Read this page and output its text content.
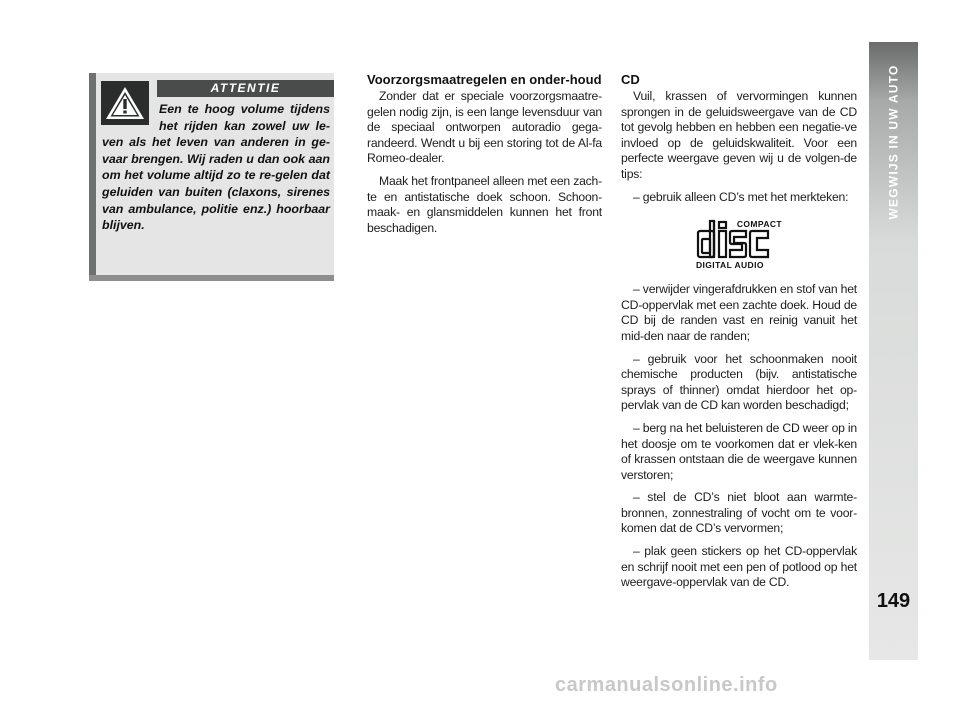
WEGWIJS IN UW AUTO
149
ATTENTIE
Een te hoog volume tijdens het rijden kan zowel uw le-ven als het leven van anderen in ge-vaar brengen. Wij raden u dan ook aan om het volume altijd zo te re-gelen dat geluiden van buiten (claxons, sirenes van ambulance, politie enz.) hoorbaar blijven.
Voorzorgsmaatregelen en onder-houd

Zonder dat er speciale voorzorgsmaatre-gelen nodig zijn, is een lange levensduur van de speciaal ontworpen autoradio gega-randeerd. Wendt u bij een storing tot de Al-fa Romeo-dealer.

Maak het frontpaneel alleen met een zach-te en antistatische doek schoon. Schoon-maak- en glansmiddelen kunnen het front beschadigen.

CD

Vuil, krassen of vervormingen kunnen sprongen in de geluidsweergave van de CD tot gevolg hebben en hebben een negatie-ve invloed op de geluidskwaliteit. Voor een perfecte weergave geven wij u de volgen-de tips:

– gebruik alleen CD’s met het merkteken:

COMPACT
DIGITAL AUDIO

– verwijder vingerafdrukken en stof van het CD-oppervlak met een zachte doek. Houd de CD bij de randen vast en reinig vanuit het mid-den naar de randen;

– gebruik voor het schoonmaken nooit chemische producten (bijv. antistatische sprays of thinner) omdat hierdoor het op-pervlak van de CD kan worden beschadigd;

– berg na het beluisteren de CD weer op in het doosje om te voorkomen dat er vlek-ken of krassen ontstaan die de weergave kunnen verstoren;

– stel de CD’s niet bloot aan warmte-bronnen, zonnestraling of vocht om te voor-komen dat de CD’s vervormen;

– plak geen stickers op het CD-oppervlak en schrijf nooit met een pen of potlood op het weergave-oppervlak van de CD.

carmanualsonline.info
